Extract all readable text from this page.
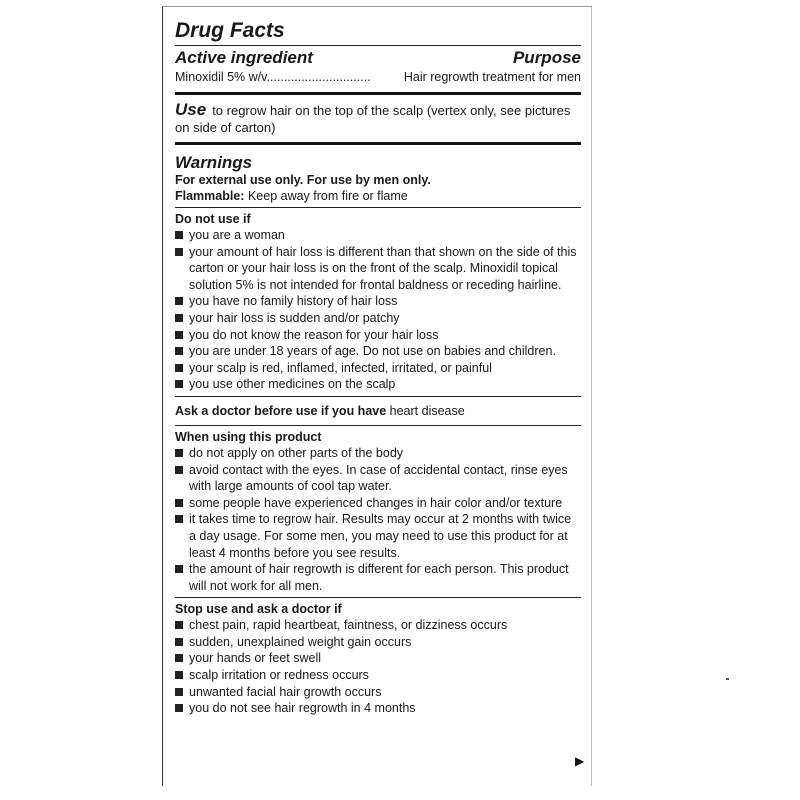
Drug Facts
Active ingredient	Purpose
Minoxidil 5% w/v..............................	Hair regrowth treatment for men
Use to regrow hair on the top of the scalp (vertex only, see pictures on side of carton)
Warnings
For external use only. For use by men only.
Flammable: Keep away from fire or flame
Do not use if
you are a woman
your amount of hair loss is different than that shown on the side of this carton or your hair loss is on the front of the scalp. Minoxidil topical solution 5% is not intended for frontal baldness or receding hairline.
you have no family history of hair loss
your hair loss is sudden and/or patchy
you do not know the reason for your hair loss
you are under 18 years of age. Do not use on babies and children.
your scalp is red, inflamed, infected, irritated, or painful
you use other medicines on the scalp
Ask a doctor before use if you have heart disease
When using this product
do not apply on other parts of the body
avoid contact with the eyes. In case of accidental contact, rinse eyes with large amounts of cool tap water.
some people have experienced changes in hair color and/or texture
it takes time to regrow hair. Results may occur at 2 months with twice a day usage. For some men, you may need to use this product for at least 4 months before you see results.
the amount of hair regrowth is different for each person. This product will not work for all men.
Stop use and ask a doctor if
chest pain, rapid heartbeat, faintness, or dizziness occurs
sudden, unexplained weight gain occurs
your hands or feet swell
scalp irritation or redness occurs
unwanted facial hair growth occurs
you do not see hair regrowth in 4 months
▶
